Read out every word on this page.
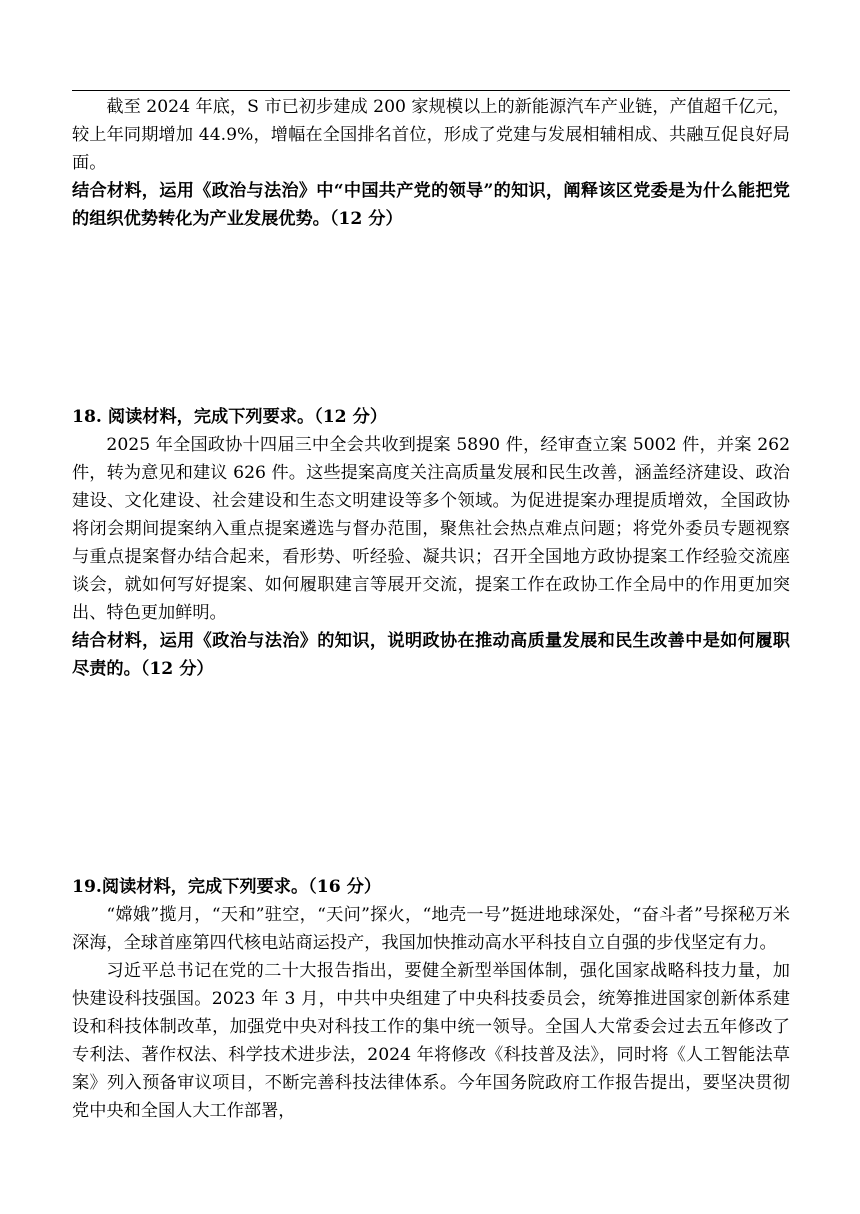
截至 2024 年底，S 市已初步建成 200 家规模以上的新能源汽车产业链，产值超千亿元，较上年同期增加 44.9%，增幅在全国排名首位，形成了党建与发展相辅相成、共融互促良好局面。

结合材料，运用《政治与法治》中“中国共产党的领导”的知识，阐释该区党委是为什么能把党的组织优势转化为产业发展优势。（12 分）

18. 阅读材料，完成下列要求。（12 分）

2025 年全国政协十四届三中全会共收到提案 5890 件，经审查立案 5002 件，并案 262 件，转为意见和建议 626 件。这些提案高度关注高质量发展和民生改善，涵盖经济建设、政治建设、文化建设、社会建设和生态文明建设等多个领域。为促进提案办理提质增效，全国政协将闭会期间提案纳入重点提案遴选与督办范围，聚焦社会热点难点问题；将党外委员专题视察与重点提案督办结合起来，看形势、听经验、凝共识；召开全国地方政协提案工作经验交流座谈会，就如何写好提案、如何履职建言等展开交流，提案工作在政协工作全局中的作用更加突出、特色更加鲜明。

结合材料，运用《政治与法治》的知识，说明政协在推动高质量发展和民生改善中是如何履职尽责的。（12 分）

19.阅读材料，完成下列要求。（16 分）

“嫦娥”揽月，“天和”驻空，“天问”探火，“地壳一号”挺进地球深处，“奋斗者”号探秘万米深海，全球首座第四代核电站商运投产，我国加快推动高水平科技自立自强的步伐坚定有力。

习近平总书记在党的二十大报告指出，要健全新型举国体制，强化国家战略科技力量，加快建设科技强国。2023 年 3 月，中共中央组建了中央科技委员会，统筹推进国家创新体系建设和科技体制改革，加强党中央对科技工作的集中统一领导。全国人大常委会过去五年修改了专利法、著作权法、科学技术进步法，2024 年将修改《科技普及法》，同时将《人工智能法草案》列入预备审议项目，不断完善科技法律体系。今年国务院政府工作报告提出，要坚决贯彻党中央和全国人大工作部署，
